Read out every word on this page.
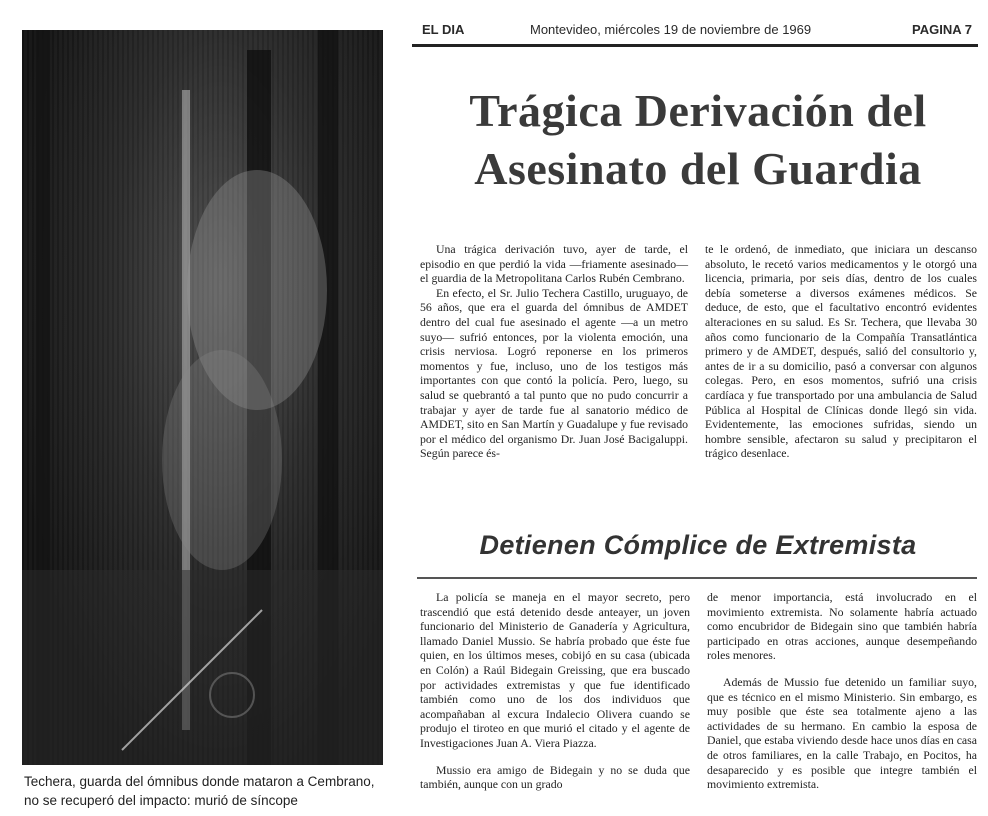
Techera, guarda del ómnibus donde mataron a Cembrano, no se recuperó del impacto: murió de síncope
EL DIA	Montevideo, miércoles 19 de noviembre de 1969	PAGINA 7
Trágica Derivación del Asesinato del Guardia

Una trágica derivación tuvo, ayer de tarde, el episodio en que perdió la vida —friamente asesinado— el guardia de la Metropolitana Carlos Rubén Cembrano.

En efecto, el Sr. Julio Techera Castillo, uruguayo, de 56 años, que era el guarda del ómnibus de AMDET dentro del cual fue asesinado el agente —a un metro suyo— sufrió entonces, por la violenta emoción, una crisis nerviosa. Logró reponerse en los primeros momentos y fue, incluso, uno de los testigos más importantes con que contó la policía. Pero, luego, su salud se quebrantó a tal punto que no pudo concurrir a trabajar y ayer de tarde fue al sanatorio médico de AMDET, sito en San Martín y Guadalupe y fue revisado por el médico del organismo Dr. Juan José Bacigaluppi. Según parece és-

te le ordenó, de inmediato, que iniciara un descanso absoluto, le recetó varios medicamentos y le otorgó una licencia, primaria, por seis días, dentro de los cuales debía someterse a diversos exámenes médicos. Se deduce, de esto, que el facultativo encontró evidentes alteraciones en su salud. Es Sr. Techera, que llevaba 30 años como funcionario de la Compañía Transatlántica primero y de AMDET, después, salió del consultorio y, antes de ir a su domicilio, pasó a conversar con algunos colegas. Pero, en esos momentos, sufrió una crisis cardíaca y fue transportado por una ambulancia de Salud Pública al Hospital de Clínicas donde llegó sin vida. Evidentemente, las emociones sufridas, siendo un hombre sensible, afectaron su salud y precipitaron el trágico desenlace.

Detienen Cómplice de Extremista

La policía se maneja en el mayor secreto, pero trascendió que está detenido desde anteayer, un joven funcionario del Ministerio de Ganadería y Agricultura, llamado Daniel Mussio. Se habría probado que éste fue quien, en los últimos meses, cobijó en su casa (ubicada en Colón) a Raúl Bidegain Greissing, que era buscado por actividades extremistas y que fue identificado también como uno de los dos individuos que acompañaban al excura Indalecio Olivera cuando se produjo el tiroteo en que murió el citado y el agente de Investigaciones Juan A. Viera Piazza.

Mussio era amigo de Bidegain y no se duda que también, aunque con un grado

de menor importancia, está involucrado en el movimiento extremista. No solamente habría actuado como encubridor de Bidegain sino que también habría participado en otras acciones, aunque desempeñando roles menores.

Además de Mussio fue detenido un familiar suyo, que es técnico en el mismo Ministerio. Sin embargo, es muy posible que éste sea totalmente ajeno a las actividades de su hermano. En cambio la esposa de Daniel, que estaba viviendo desde hace unos días en casa de otros familiares, en la calle Trabajo, en Pocitos, ha desaparecido y es posible que integre también el movimiento extremista.
